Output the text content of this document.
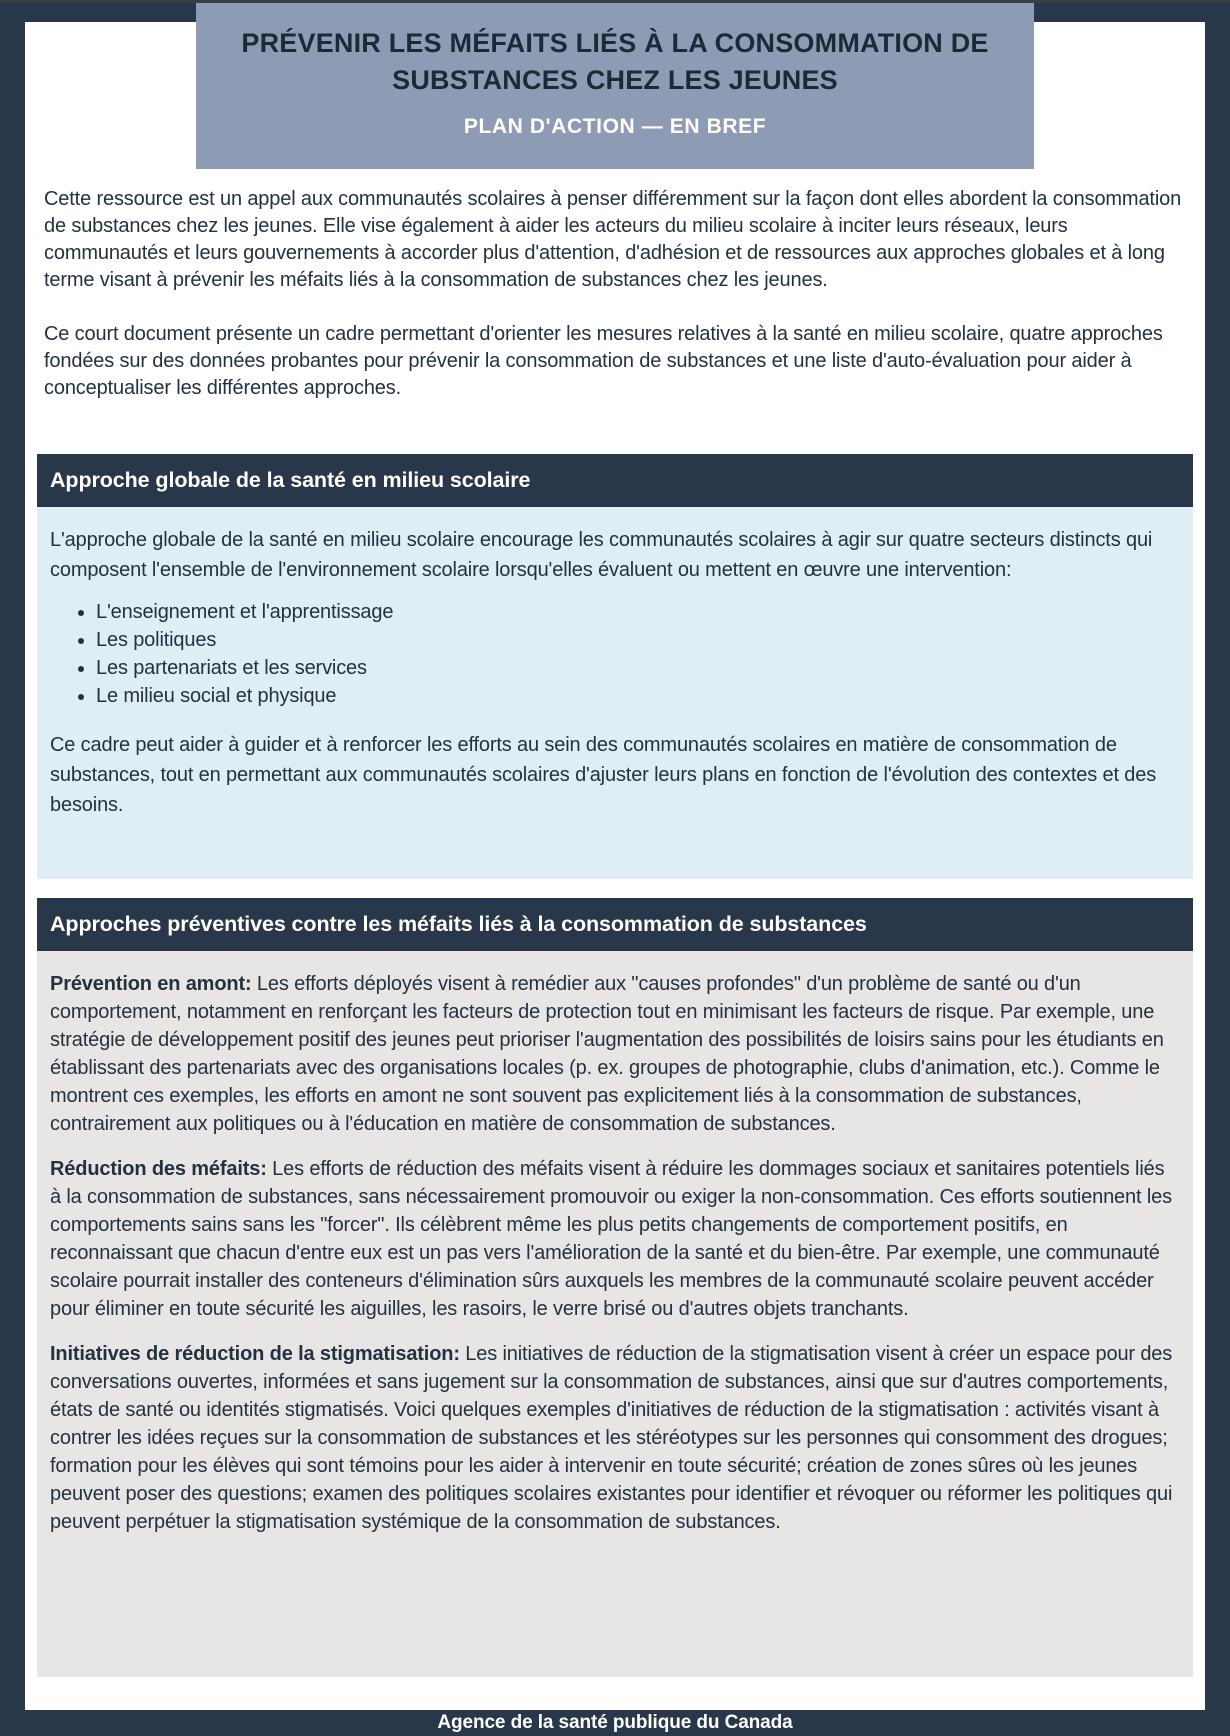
PRÉVENIR LES MÉFAITS LIÉS À LA CONSOMMATION DE
SUBSTANCES CHEZ LES JEUNES
PLAN D'ACTION — EN BREF

Cette ressource est un appel aux communautés scolaires à penser différemment sur la façon dont elles abordent la consommation de substances chez les jeunes. Elle vise également à aider les acteurs du milieu scolaire à inciter leurs réseaux, leurs communautés et leurs gouvernements à accorder plus d'attention, d'adhésion et de ressources aux approches globales et à long terme visant à prévenir les méfaits liés à la consommation de substances chez les jeunes.

Ce court document présente un cadre permettant d'orienter les mesures relatives à la santé en milieu scolaire, quatre approches fondées sur des données probantes pour prévenir la consommation de substances et une liste d'auto-évaluation pour aider à conceptualiser les différentes approches.

Approche globale de la santé en milieu scolaire

L'approche globale de la santé en milieu scolaire encourage les communautés scolaires à agir sur quatre secteurs distincts qui composent l'ensemble de l'environnement scolaire lorsqu'elles évaluent ou mettent en œuvre une intervention:

• L'enseignement et l'apprentissage
• Les politiques
• Les partenariats et les services
• Le milieu social et physique

Ce cadre peut aider à guider et à renforcer les efforts au sein des communautés scolaires en matière de consommation de substances, tout en permettant aux communautés scolaires d'ajuster leurs plans en fonction de l'évolution des contextes et des besoins.

Approches préventives contre les méfaits liés à la consommation de substances

Prévention en amont: Les efforts déployés visent à remédier aux "causes profondes" d'un problème de santé ou d'un comportement, notamment en renforçant les facteurs de protection tout en minimisant les facteurs de risque. Par exemple, une stratégie de développement positif des jeunes peut prioriser l'augmentation des possibilités de loisirs sains pour les étudiants en établissant des partenariats avec des organisations locales (p. ex. groupes de photographie, clubs d'animation, etc.). Comme le montrent ces exemples, les efforts en amont ne sont souvent pas explicitement liés à la consommation de substances, contrairement aux politiques ou à l'éducation en matière de consommation de substances.

Réduction des méfaits: Les efforts de réduction des méfaits visent à réduire les dommages sociaux et sanitaires potentiels liés à la consommation de substances, sans nécessairement promouvoir ou exiger la non-consommation. Ces efforts soutiennent les comportements sains sans les "forcer". Ils célèbrent même les plus petits changements de comportement positifs, en reconnaissant que chacun d'entre eux est un pas vers l'amélioration de la santé et du bien-être. Par exemple, une communauté scolaire pourrait installer des conteneurs d'élimination sûrs auxquels les membres de la communauté scolaire peuvent accéder pour éliminer en toute sécurité les aiguilles, les rasoirs, le verre brisé ou d'autres objets tranchants.

Initiatives de réduction de la stigmatisation: Les initiatives de réduction de la stigmatisation visent à créer un espace pour des conversations ouvertes, informées et sans jugement sur la consommation de substances, ainsi que sur d'autres comportements, états de santé ou identités stigmatisés. Voici quelques exemples d'initiatives de réduction de la stigmatisation : activités visant à contrer les idées reçues sur la consommation de substances et les stéréotypes sur les personnes qui consomment des drogues; formation pour les élèves qui sont témoins pour les aider à intervenir en toute sécurité; création de zones sûres où les jeunes peuvent poser des questions; examen des politiques scolaires existantes pour identifier et révoquer ou réformer les politiques qui peuvent perpétuer la stigmatisation systémique de la consommation de substances.

Agence de la santé publique du Canada
